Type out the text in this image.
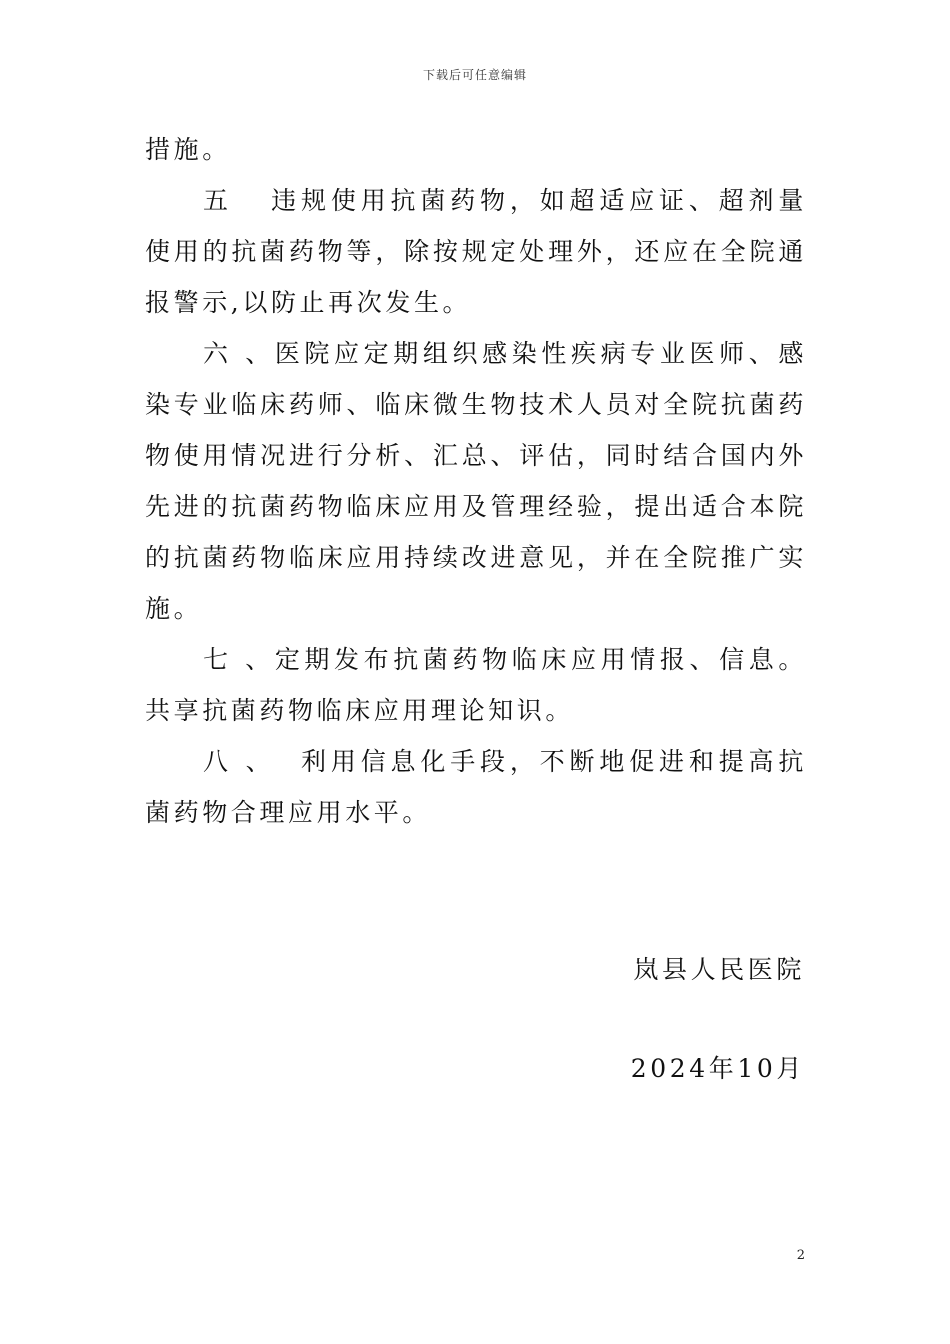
下载后可任意编辑

措施。

五   违规使用抗菌药物，如超适应证、超剂量使用的抗菌药物等，除按规定处理外，还应在全院通报警示,以防止再次发生。

六 、医院应定期组织感染性疾病专业医师、感染专业临床药师、临床微生物技术人员对全院抗菌药物使用情况进行分析、汇总、评估，同时结合国内外先进的抗菌药物临床应用及管理经验，提出适合本院的抗菌药物临床应用持续改进意见，并在全院推广实施。

七 、定期发布抗菌药物临床应用情报、信息。共享抗菌药物临床应用理论知识。

八 、  利用信息化手段，不断地促进和提高抗菌药物合理应用水平。

岚县人民医院
2024年10月
2
